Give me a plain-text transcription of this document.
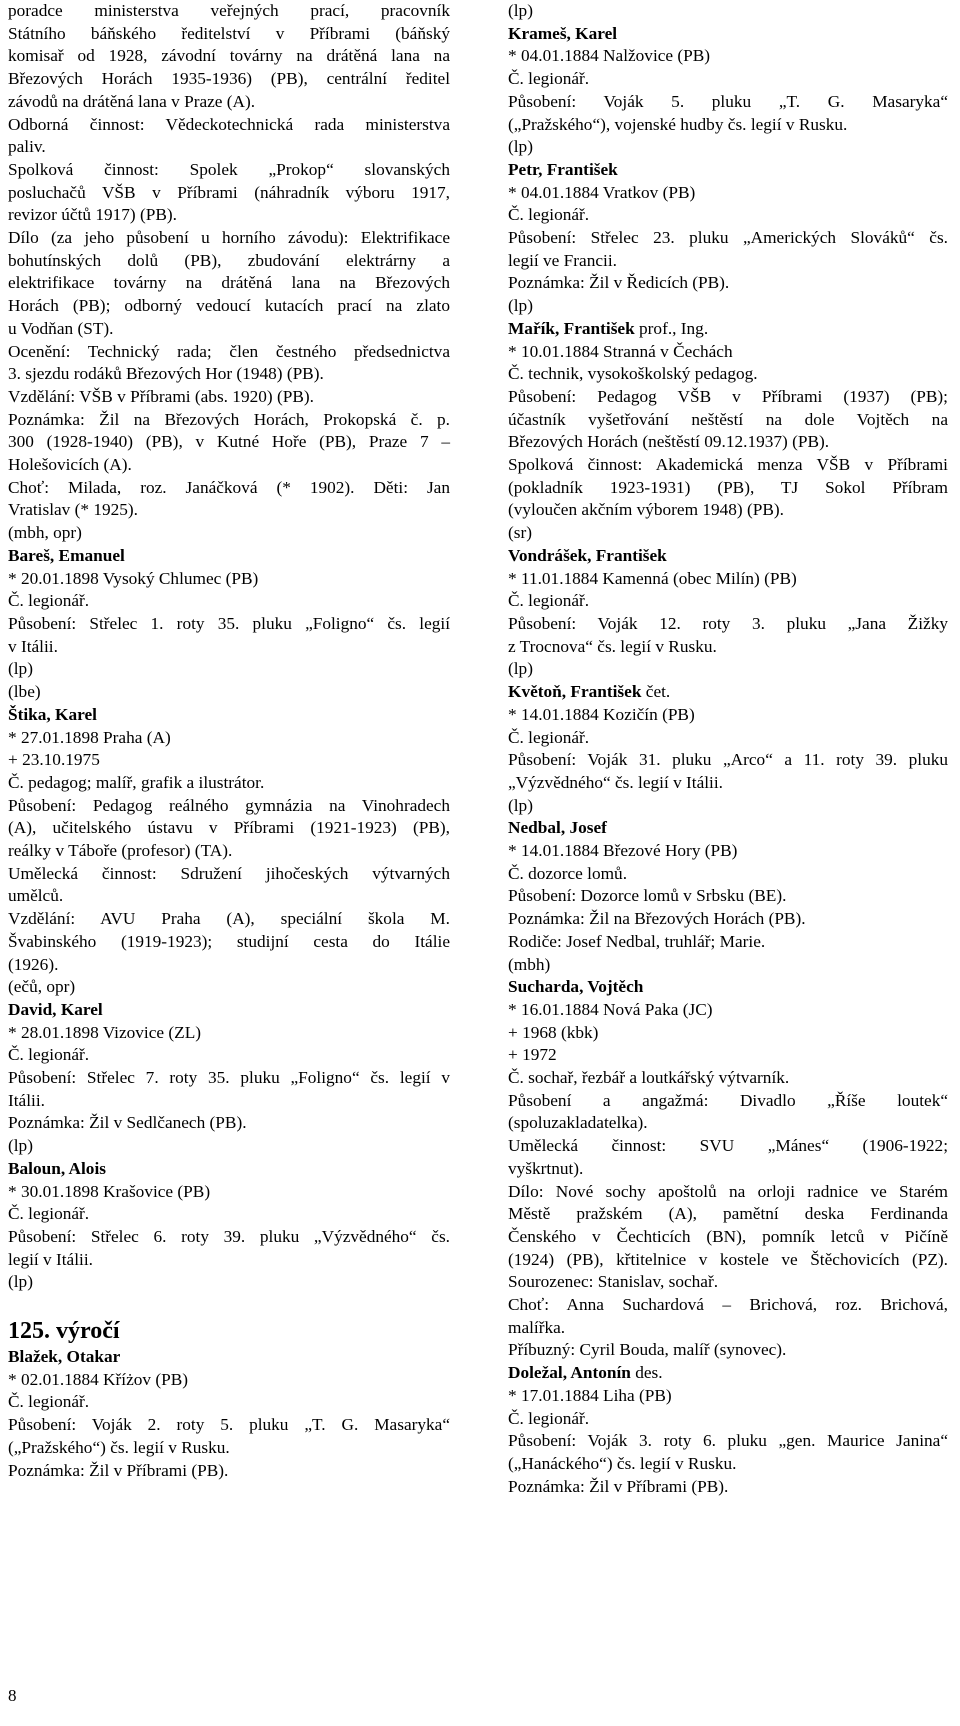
poradce ministerstva veřejných prací, pracovník
Státního báňského ředitelství v Příbrami (báňský
komisař od 1928, závodní továrny na drátěná lana na
Březových Horách 1935-1936) (PB), centrální ředitel
závodů na drátěná lana v Praze (A).
Odborná činnost: Vědeckotechnická rada ministerstva
paliv.
Spolková činnost: Spolek „Prokop“ slovanských
posluchačů VŠB v Příbrami (náhradník výboru 1917,
revizor účtů 1917) (PB).
Dílo (za jeho působení u horního závodu): Elektrifikace
bohutínských dolů (PB), zbudování elektrárny a
elektrifikace továrny na drátěná lana na Březových
Horách (PB); odborný vedoucí kutacích prací na zlato
u Vodňan (ST).
Ocenění: Technický rada; člen čestného předsednictva
3. sjezdu rodáků Březových Hor (1948) (PB).
Vzdělání: VŠB v Příbrami (abs. 1920) (PB).
Poznámka: Žil na Březových Horách, Prokopská č. p.
300 (1928-1940) (PB), v Kutné Hoře (PB), Praze 7 –
Holešovicích (A).
Choť: Milada, roz. Janáčková (* 1902). Děti: Jan
Vratislav (* 1925).
(mbh, opr)
Bareš, Emanuel
* 20.01.1898 Vysoký Chlumec (PB)
Č. legionář.
Působení: Střelec 1. roty 35. pluku „Foligno“ čs. legií
v Itálii.
(lp)
(lbe)
Štika, Karel
* 27.01.1898 Praha (A)
+ 23.10.1975
Č. pedagog; malíř, grafik a ilustrátor.
Působení: Pedagog reálného gymnázia na Vinohradech
(A), učitelského ústavu v Příbrami (1921-1923) (PB),
reálky v Táboře (profesor) (TA).
Umělecká činnost: Sdružení jihočeských výtvarných
umělců.
Vzdělání: AVU Praha (A), speciální škola M.
Švabinského (1919-1923); studijní cesta do Itálie
(1926).
(ečů, opr)
David, Karel
* 28.01.1898 Vizovice (ZL)
Č. legionář.
Působení: Střelec 7. roty 35. pluku „Foligno“ čs. legií v
Itálii.
Poznámka: Žil v Sedlčanech (PB).
(lp)
Baloun, Alois
* 30.01.1898 Krašovice (PB)
Č. legionář.
Působení: Střelec 6. roty 39. pluku „Výzvědného“ čs.
legií v Itálii.
(lp)
125. výročí
Blažek, Otakar
* 02.01.1884 Kříżov (PB)
Č. legionář.
Působení: Voják 2. roty 5. pluku „T. G. Masaryka“
(„Pražského“) čs. legií v Rusku.
Poznámka: Žil v Příbrami (PB).
(lp)
Krameš, Karel
* 04.01.1884 Nalžovice (PB)
Č. legionář.
Působení: Voják 5. pluku „T. G. Masaryka“
(„Pražského“), vojenské hudby čs. legií v Rusku.
(lp)
Petr, František
* 04.01.1884 Vratkov (PB)
Č. legionář.
Působení: Střelec 23. pluku „Amerických Slováků“ čs.
legií ve Francii.
Poznámka: Žil v Ředicích (PB).
(lp)
Mařík, František prof., Ing.
* 10.01.1884 Stranná v Čechách
Č. technik, vysokoškolský pedagog.
Působení: Pedagog VŠB v Příbrami (1937) (PB);
účastník vyšetřování neštěstí na dole Vojtěch na
Březových Horách (neštěstí 09.12.1937) (PB).
Spolková činnost: Akademická menza VŠB v Příbrami
(pokladník 1923-1931) (PB), TJ Sokol Příbram
(vyloučen akčním výborem 1948) (PB).
(sr)
Vondrášek, František
* 11.01.1884 Kamenná (obec Milín) (PB)
Č. legionář.
Působení: Voják 12. roty 3. pluku „Jana Žižky
z Trocnova“ čs. legií v Rusku.
(lp)
Květoň, František čet.
* 14.01.1884 Kozičín (PB)
Č. legionář.
Působení: Voják 31. pluku „Arco“ a 11. roty 39. pluku
„Výzvědného“ čs. legií v Itálii.
(lp)
Nedbal, Josef
* 14.01.1884 Březové Hory (PB)
Č. dozorce lomů.
Působení: Dozorce lomů v Srbsku (BE).
Poznámka: Žil na Březových Horách (PB).
Rodiče: Josef Nedbal, truhlář; Marie.
(mbh)
Sucharda, Vojtěch
* 16.01.1884 Nová Paka (JC)
+ 1968 (kbk)
+ 1972
Č. sochař, řezbář a loutkářský výtvarník.
Působení a angažmá: Divadlo „Říše loutek“
(spoluzakladatelka).
Umělecká činnost: SVU „Mánes“ (1906-1922;
vyškrtnut).
Dílo: Nové sochy apoštolů na orloji radnice ve Starém
Městě pražském (A), pamětní deska Ferdinanda
Čenského v Čechticích (BN), pomník letců v Pičíně
(1924) (PB), křtitelnice v kostele ve Štěchovicích (PZ).
Sourozenec: Stanislav, sochař.
Choť: Anna Suchardová – Brichová, roz. Brichová,
malířka.
Příbuzný: Cyril Bouda, malíř (synovec).
Doležal, Antonín des.
* 17.01.1884 Liha (PB)
Č. legionář.
Působení: Voják 3. roty 6. pluku „gen. Maurice Janina“
(„Hanáckého“) čs. legií v Rusku.
Poznámka: Žil v Příbrami (PB).
8
